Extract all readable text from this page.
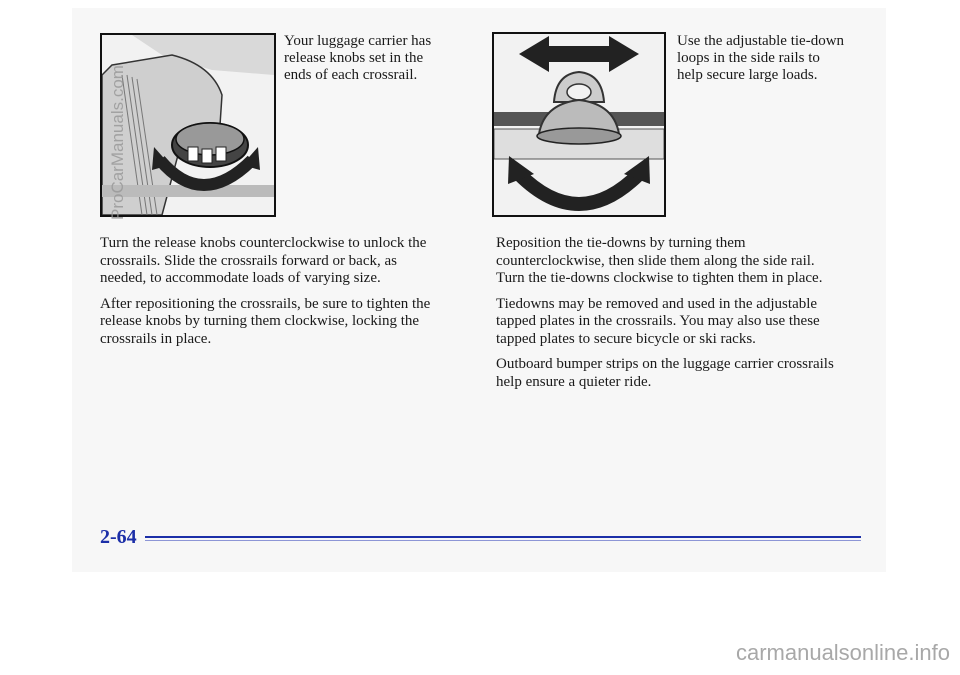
Your luggage carrier has
release knobs set in the
ends of each crossrail.

Use the adjustable tie-down
loops in the side rails to
help secure large loads.

Turn the release knobs counterclockwise to unlock the
crossrails. Slide the crossrails forward or back, as
needed, to accommodate loads of varying size.

After repositioning the crossrails, be sure to tighten the
release knobs by turning them clockwise, locking the
crossrails in place.

Reposition the tie-downs by turning them
counterclockwise, then slide them along the side rail.
Turn the tie-downs clockwise to tighten them in place.

Tiedowns may be removed and used in the adjustable
tapped plates in the crossrails. You may also use these
tapped plates to secure bicycle or ski racks.

Outboard bumper strips on the luggage carrier crossrails
help ensure a quieter ride.

2-64
ProCarManuals.com
carmanualsonline.info
